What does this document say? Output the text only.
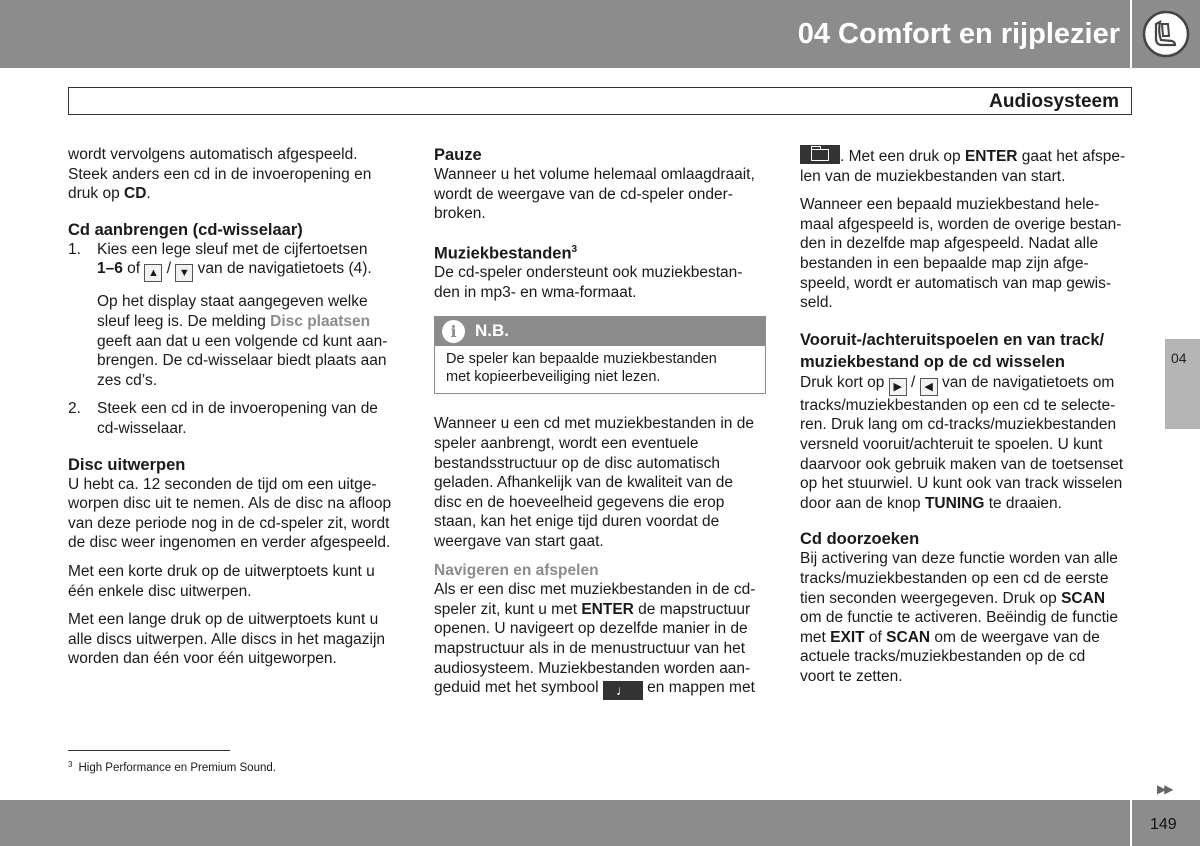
04 Comfort en rijplezier
Audiosysteem
04

wordt vervolgens automatisch afgespeeld.
Steek anders een cd in de invoeropening en
druk op CD.

Cd aanbrengen (cd-wisselaar)
1. Kies een lege sleuf met de cijfertoetsen
1–6 of ▲ / ▼ van de navigatietoets (4).

Op het display staat aangegeven welke
sleuf leeg is. De melding Disc plaatsen
geeft aan dat u een volgende cd kunt aan-
brengen. De cd-wisselaar biedt plaats aan
zes cd’s.

2. Steek een cd in de invoeropening van de
cd-wisselaar.

Disc uitwerpen

U hebt ca. 12 seconden de tijd om een uitge-
worpen disc uit te nemen. Als de disc na afloop
van deze periode nog in de cd-speler zit, wordt
de disc weer ingenomen en verder afgespeeld.

Met een korte druk op de uitwerptoets kunt u
één enkele disc uitwerpen.

Met een lange druk op de uitwerptoets kunt u
alle discs uitwerpen. Alle discs in het magazijn
worden dan één voor één uitgeworpen.

Pauze

Wanneer u het volume helemaal omlaagdraait,
wordt de weergave van de cd-speler onder-
broken.

Muziekbestanden$^3$

De cd-speler ondersteunt ook muziekbestan-
den in mp3- en wma-formaat.

i	N.B.
De speler kan bepaalde muziekbestanden
met kopieerbeveiliging niet lezen.

Wanneer u een cd met muziekbestanden in de
speler aanbrengt, wordt een eventuele
bestandsstructuur op de disc automatisch
geladen. Afhankelijk van de kwaliteit van de
disc en de hoeveelheid gegevens die erop
staan, kan het enige tijd duren voordat de
weergave van start gaat.

Navigeren en afspelen

Als er een disc met muziekbestanden in de cd-
speler zit, kunt u met ENTER de mapstructuur
openen. U navigeert op dezelfde manier in de
mapstructuur als in de menustructuur van het
audiosysteem. Muziekbestanden worden aan-
geduid met het symbool ♩ en mappen met

. Met een druk op ENTER gaat het afspe-
len van de muziekbestanden van start.

Wanneer een bepaald muziekbestand hele-
maal afgespeeld is, worden de overige bestan-
den in dezelfde map afgespeeld. Nadat alle
bestanden in een bepaalde map zijn afge-
speeld, wordt er automatisch van map gewis-
seld.

Vooruit-/achteruitspoelen en van track/
muziekbestand op de cd wisselen

Druk kort op ▶ / ◀ van de navigatietoets om
tracks/muziekbestanden op een cd te selecte-
ren. Druk lang om cd-tracks/muziekbestanden
versneld vooruit/achteruit te spoelen. U kunt
daarvoor ook gebruik maken van de toetsenset
op het stuurwiel. U kunt ook van track wisselen
door aan de knop TUNING te draaien.

Cd doorzoeken

Bij activering van deze functie worden van alle
tracks/muziekbestanden op een cd de eerste
tien seconden weergegeven. Druk op SCAN
om de functie te activeren. Beëindig de functie
met EXIT of SCAN om de weergave van de
actuele tracks/muziekbestanden op de cd
voort te zetten.

$^3$ High Performance en Premium Sound.
▶▶
149
